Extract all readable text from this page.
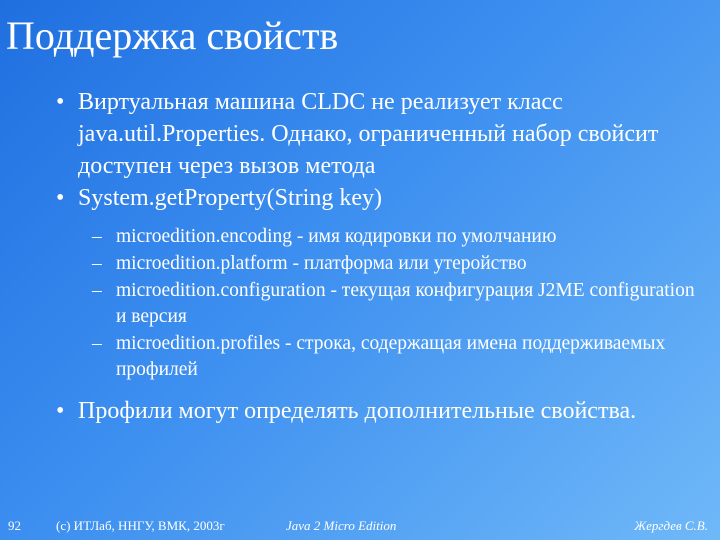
Поддержка свойств
• Виртуальная машина CLDC не реализует класс java.util.Properties. Однако, ограниченный набор свойсит доступен через вызов метода
• System.getProperty(String key)
– microedition.encoding - имя кодировки по умолчанию
– microedition.platform - платформа или утеройство
– microedition.configuration - текущая конфигурация J2ME configuration и версия
– microedition.profiles - строка, содержащая имена поддерживаемых профилей
• Профили могут определять дополнительные свойства.
92	(c) ИТЛаб, ННГУ, ВМК, 2003г	Java 2 Micro Edition	Жергдев С.В.
